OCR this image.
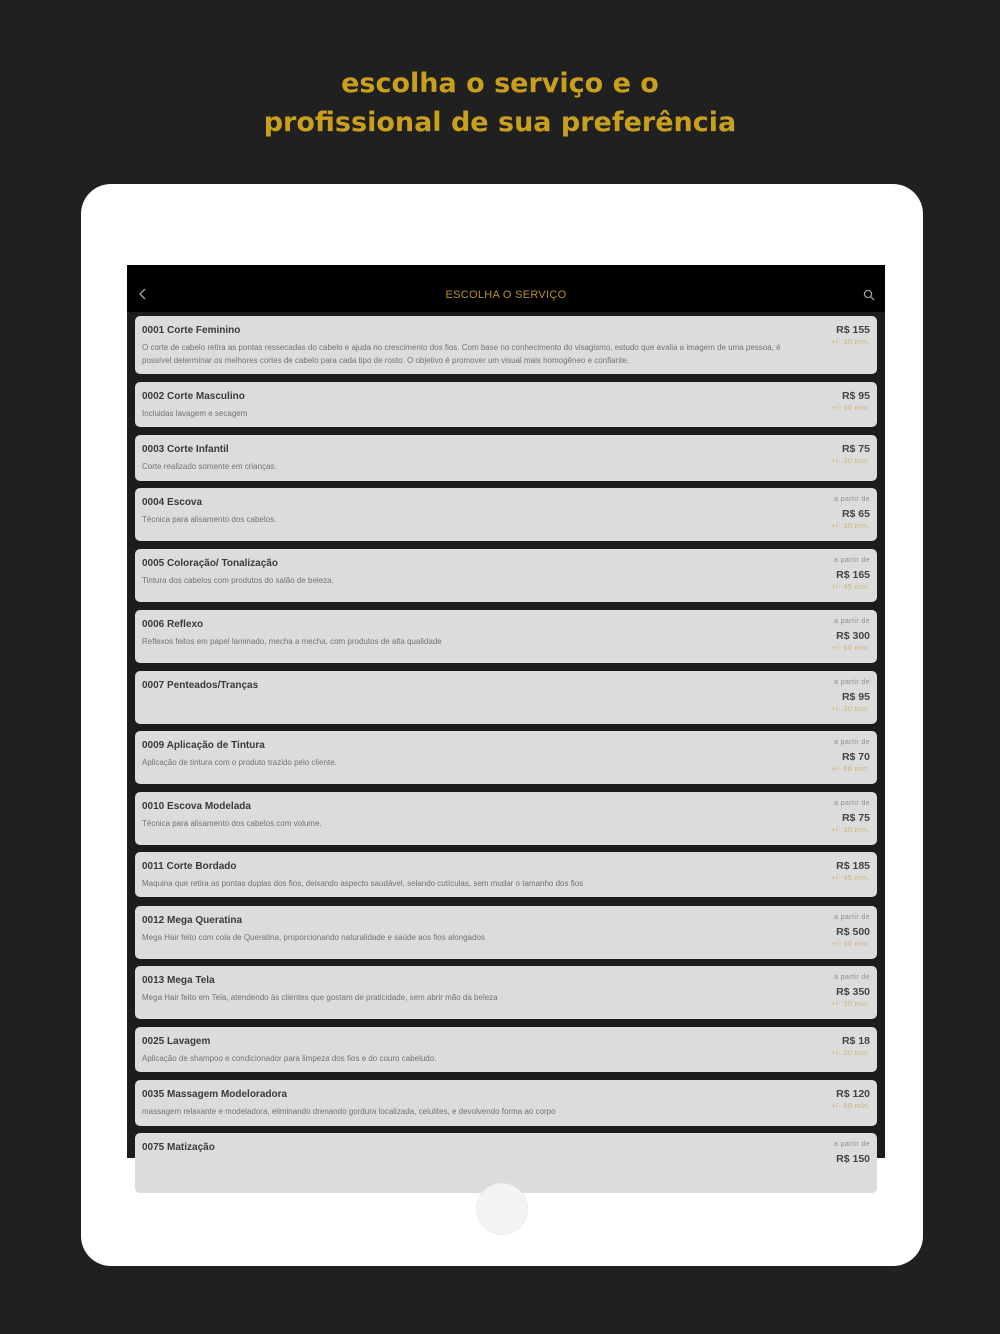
escolha o serviço e o
profissional de sua preferência
ESCOLHA O SERVIÇO
0001 Corte Feminino
O corte de cabelo retira as pontas ressecadas do cabelo e ajuda no crescimento dos fios. Com base no conhecimento do visagismo, estudo que avalia a imagem de uma pessoa, é possível determinar os melhores cortes de cabelo para cada tipo de rosto. O objetivo é promover um visual mais homogêneo e confiante.
R$ 155
+/- 30 min.
0002 Corte Masculino
Incluidas lavagem e secagem
R$ 95
+/- 30 min.
0003 Corte Infantil
Corte realizado somente em crianças.
R$ 75
+/- 30 min.
0004 Escova
Técnica para alisamento dos cabelos.
a partir de
R$ 65
+/- 30 min.
0005 Coloração/ Tonalização
Tintura dos cabelos com produtos do salão de beleza.
a partir de
R$ 165
+/- 45 min.
0006 Reflexo
Reflexos feitos em papel laminado, mecha a mecha, com produtos de alta qualidade
a partir de
R$ 300
+/- 60 min.
0007 Penteados/Tranças	a partir de
R$ 95
+/- 30 min.
0009 Aplicação de Tintura
Aplicação de tintura com o produto trazido pelo cliente.
a partir de
R$ 70
+/- 60 min.
0010 Escova Modelada
Técnica para alisamento dos cabelos com volume.
a partir de
R$ 75
+/- 30 min.
0011 Corte Bordado
Maquina que retira as pontas duplas dos fios, deixando aspecto saudável, selando cutículas, sem mudar o tamanho dos fios
R$ 185
+/- 45 min.
0012 Mega Queratina
Mega Hair feito com cola de Queratina, proporcionando naturalidade e saúde aos fios alongados
a partir de
R$ 500
+/- 30 min.
0013 Mega Tela
Mega Hair feito em Tela, atendendo às clientes que gostam de praticidade, sem abrir mão da beleza
a partir de
R$ 350
+/- 30 min.
0025 Lavagem
Aplicação de shampoo e condicionador para limpeza dos fios e do couro cabeludo.
R$ 18
+/- 20 min.
0035 Massagem Modeloradora
massagem relaxante e modeladora, eliminando drenando gordura localizada, celulites, e devolvendo forma ao corpo
R$ 120
+/- 60 min.
0075 Matização	a partir de
R$ 150
